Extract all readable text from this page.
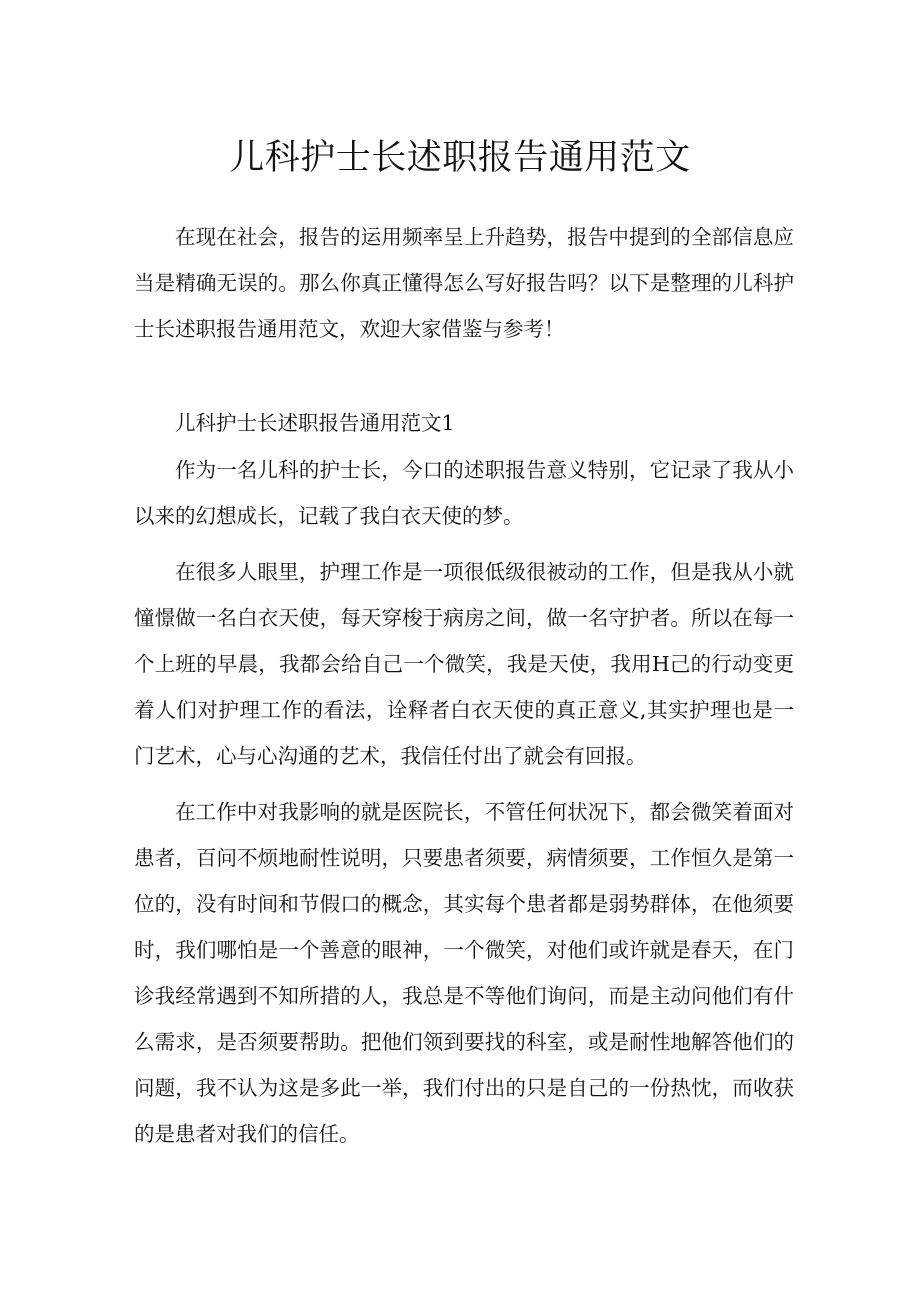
儿科护士长述职报告通用范文

在现在社会，报告的运用频率呈上升趋势，报告中提到的全部信息应当是精确无误的。那么你真正懂得怎么写好报告吗？以下是整理的儿科护士长述职报告通用范文，欢迎大家借鉴与参考！

儿科护士长述职报告通用范文1

作为一名儿科的护士长，今口的述职报告意义特别，它记录了我从小以来的幻想成长，记载了我白衣天使的梦。

在很多人眼里，护理工作是一项很低级很被动的工作，但是我从小就憧憬做一名白衣天使，每天穿梭于病房之间，做一名守护者。所以在每一个上班的早晨，我都会给自己一个微笑，我是天使，我用H己的行动变更着人们对护理工作的看法，诠释者白衣天使的真正意义,其实护理也是一门艺术，心与心沟通的艺术，我信任付出了就会有回报。

在工作中对我影响的就是医院长，不管任何状况下，都会微笑着面对患者，百问不烦地耐性说明，只要患者须要，病情须要，工作恒久是第一位的，没有时间和节假口的概念，其实每个患者都是弱势群体，在他须要时，我们哪怕是一个善意的眼神，一个微笑，对他们或许就是春天，在门诊我经常遇到不知所措的人，我总是不等他们询问，而是主动问他们有什么需求，是否须要帮助。把他们领到要找的科室，或是耐性地解答他们的问题，我不认为这是多此一举，我们付出的只是自己的一份热忱，而收获的是患者对我们的信任。
